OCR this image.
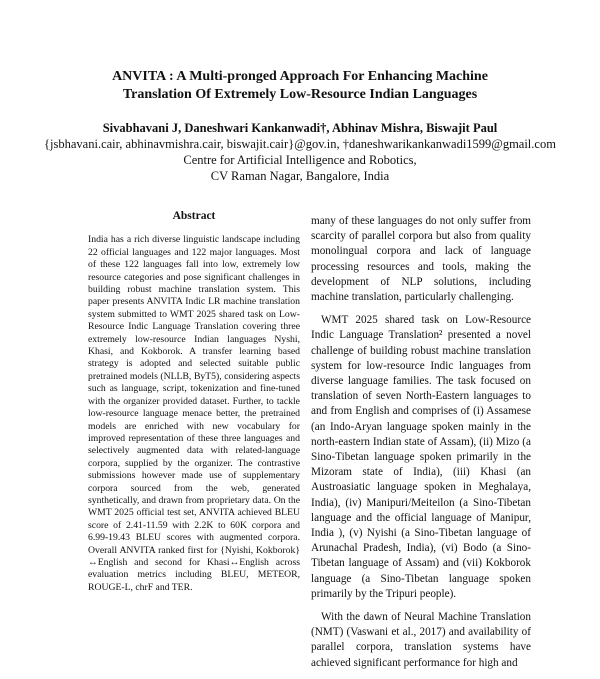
ANVITA : A Multi-pronged Approach For Enhancing Machine
Translation Of Extremely Low-Resource Indian Languages
Sivabhavani J, Daneshwari Kankanwadi†, Abhinav Mishra, Biswajit Paul
{jsbhavani.cair, abhinavmishra.cair, biswajit.cair}@gov.in, †daneshwarikankanwadi1599@gmail.com
Centre for Artificial Intelligence and Robotics,
CV Raman Nagar, Bangalore, India
Abstract
India has a rich diverse linguistic landscape including 22 official languages and 122 major languages. Most of these 122 languages fall into low, extremely low resource categories and pose significant challenges in building robust machine translation system. This paper presents ANVITA Indic LR machine translation system submitted to WMT 2025 shared task on Low-Resource Indic Language Translation covering three extremely low-resource Indian languages Nyshi, Khasi, and Kokborok. A transfer learning based strategy is adopted and selected suitable public pretrained models (NLLB, ByT5), considering aspects such as language, script, tokenization and fine-tuned with the organizer provided dataset. Further, to tackle low-resource language menace better, the pretrained models are enriched with new vocabulary for improved representation of these three languages and selectively augmented data with related-language corpora, supplied by the organizer. The contrastive submissions however made use of supplementary corpora sourced from the web, generated synthetically, and drawn from proprietary data. On the WMT 2025 official test set, ANVITA achieved BLEU score of 2.41-11.59 with 2.2K to 60K corpora and 6.99-19.43 BLEU scores with augmented corpora. Overall ANVITA ranked first for {Nyishi, Kokborok}↔English and second for Khasi↔English across evaluation metrics including BLEU, METEOR, ROUGE-L, chrF and TER.

many of these languages do not only suffer from scarcity of parallel corpora but also from quality monolingual corpora and lack of language processing resources and tools, making the development of NLP solutions, including machine translation, particularly challenging.

WMT 2025 shared task on Low-Resource Indic Language Translation² presented a novel challenge of building robust machine translation system for low-resource Indic languages from diverse language families. The task focused on translation of seven North-Eastern languages to and from English and comprises of (i) Assamese (an Indo-Aryan language spoken mainly in the north-eastern Indian state of Assam), (ii) Mizo (a Sino-Tibetan language spoken primarily in the Mizoram state of India), (iii) Khasi (an Austroasiatic language spoken in Meghalaya, India), (iv) Manipuri/Meiteilon (a Sino-Tibetan language and the official language of Manipur, India ), (v) Nyishi (a Sino-Tibetan language of Arunachal Pradesh, India), (vi) Bodo (a Sino-Tibetan language of Assam) and (vii) Kokborok language (a Sino-Tibetan language spoken primarily by the Tripuri people).

With the dawn of Neural Machine Translation (NMT) (Vaswani et al., 2017) and availability of parallel corpora, translation systems have achieved significant performance for high and
